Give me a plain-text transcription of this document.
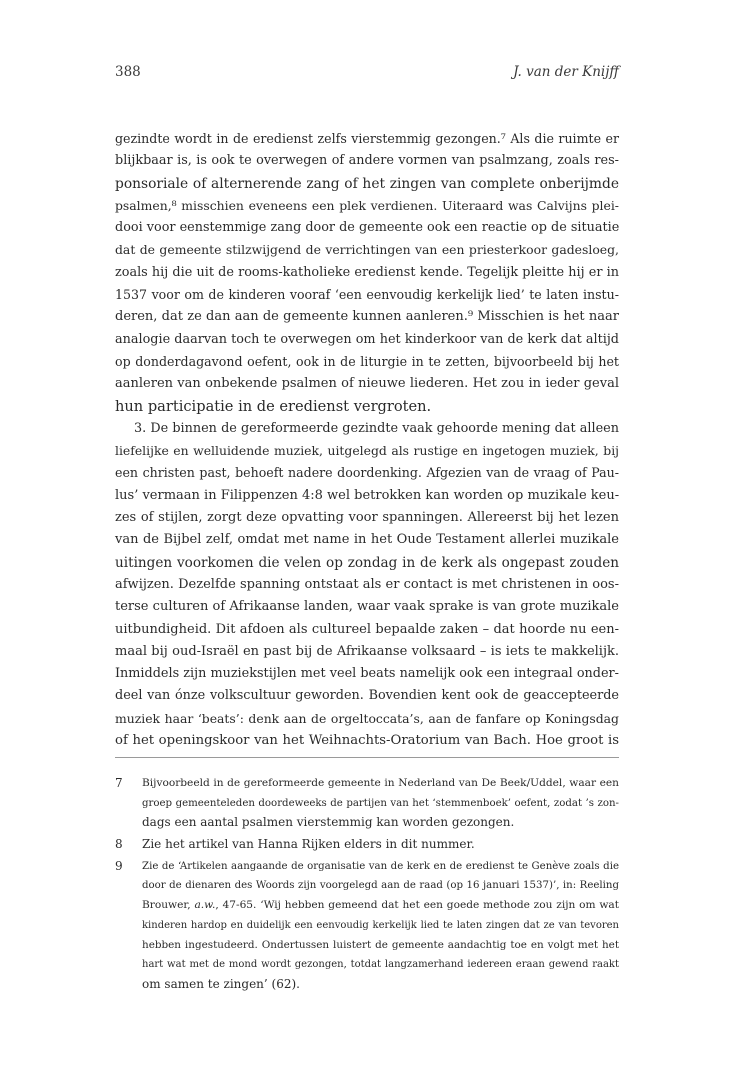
388	J. van der Knijff
gezindte wordt in de eredienst zelfs vierstemmig gezongen.⁷ Als die ruimte er
blijkbaar is, is ook te overwegen of andere vormen van psalmzang, zoals res-
ponsoriale of alternerende zang of het zingen van complete onberijmde
psalmen,⁸ misschien eveneens een plek verdienen. Uiteraard was Calvijns plei-
dooi voor eenstemmige zang door de gemeente ook een reactie op de situatie
dat de gemeente stilzwijgend de verrichtingen van een priesterkoor gadesloeg,
zoals hij die uit de rooms-katholieke eredienst kende. Tegelijk pleitte hij er in
1537 voor om de kinderen vooraf ‘een eenvoudig kerkelijk lied’ te laten instu-
deren, dat ze dan aan de gemeente kunnen aanleren.⁹ Misschien is het naar
analogie daarvan toch te overwegen om het kinderkoor van de kerk dat altijd
op donderdagavond oefent, ook in de liturgie in te zetten, bijvoorbeeld bij het
aanleren van onbekende psalmen of nieuwe liederen. Het zou in ieder geval
hun participatie in de eredienst vergroten.
3. De binnen de gereformeerde gezindte vaak gehoorde mening dat alleen
liefelijke en welluidende muziek, uitgelegd als rustige en ingetogen muziek, bij
een christen past, behoeft nadere doordenking. Afgezien van de vraag of Pau-
lus’ vermaan in Filippenzen 4:8 wel betrokken kan worden op muzikale keu-
zes of stijlen, zorgt deze opvatting voor spanningen. Allereerst bij het lezen
van de Bijbel zelf, omdat met name in het Oude Testament allerlei muzikale
uitingen voorkomen die velen op zondag in de kerk als ongepast zouden
afwijzen. Dezelfde spanning ontstaat als er contact is met christenen in oos-
terse culturen of Afrikaanse landen, waar vaak sprake is van grote muzikale
uitbundigheid. Dit afdoen als cultureel bepaalde zaken – dat hoorde nu een-
maal bij oud-Israël en past bij de Afrikaanse volksaard – is iets te makkelijk.
Inmiddels zijn muziekstijlen met veel beats namelijk ook een integraal onder-
deel van ónze volkscultuur geworden. Bovendien kent ook de geaccepteerde
muziek haar ‘beats’: denk aan de orgeltoccata’s, aan de fanfare op Koningsdag
of het openingskoor van het Weihnachts-Oratorium van Bach. Hoe groot is
7 Bijvoorbeeld in de gereformeerde gemeente in Nederland van De Beek/Uddel, waar een
groep gemeenteleden doordeweeks de partijen van het ‘stemmenboek’ oefent, zodat ’s zon-
dags een aantal psalmen vierstemmig kan worden gezongen.
8 Zie het artikel van Hanna Rijken elders in dit nummer.
9 Zie de ‘Artikelen aangaande de organisatie van de kerk en de eredienst te Genève zoals die
door de dienaren des Woords zijn voorgelegd aan de raad (op 16 januari 1537)’, in: Reeling
Brouwer, a.w., 47-65. ‘Wij hebben gemeend dat het een goede methode zou zijn om wat
kinderen hardop en duidelijk een eenvoudig kerkelijk lied te laten zingen dat ze van tevoren
hebben ingestudeerd. Ondertussen luistert de gemeente aandachtig toe en volgt met het
hart wat met de mond wordt gezongen, totdat langzamerhand iedereen eraan gewend raakt
om samen te zingen’ (62).
